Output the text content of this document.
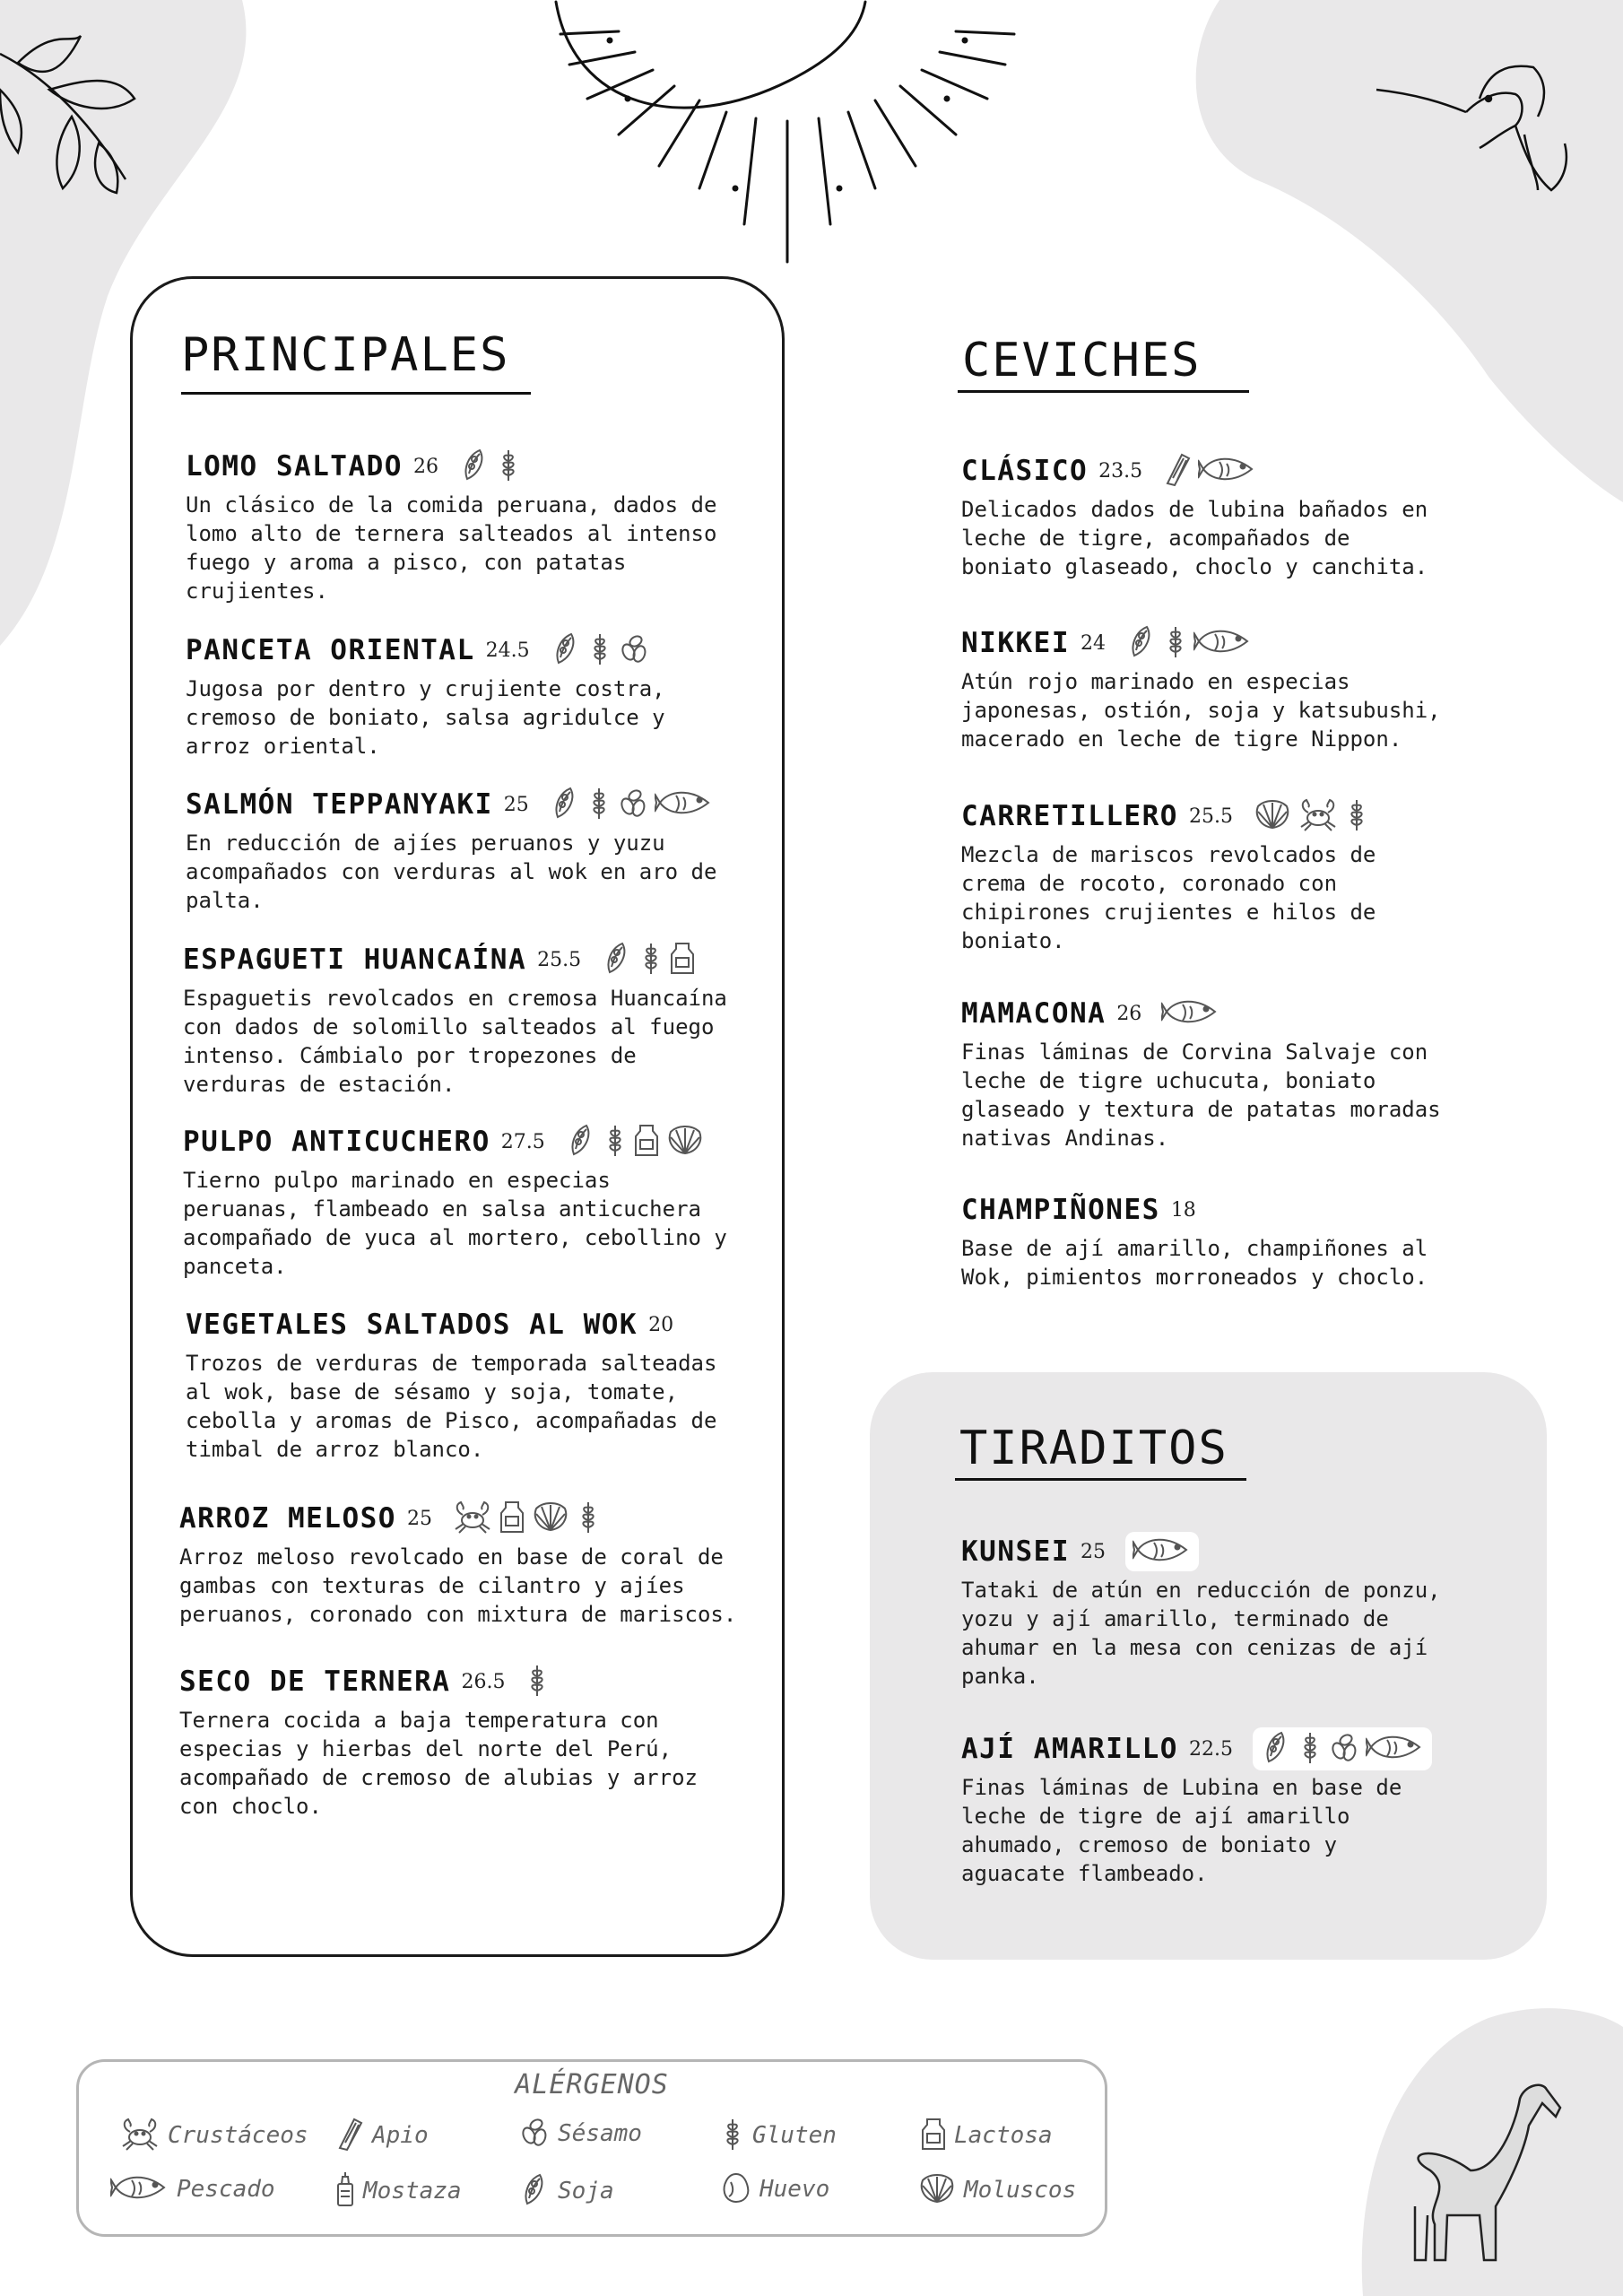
PRINCIPALES
LOMO SALTADO 26
Un clásico de la comida peruana, dados de
lomo alto de ternera salteados al intenso
fuego y aroma a pisco, con patatas
crujientes.
PANCETA ORIENTAL 24.5
Jugosa por dentro y crujiente costra,
cremoso de boniato, salsa agridulce y
arroz oriental.
SALMÓN TEPPANYAKI 25
En reducción de ajíes peruanos y yuzu
acompañados con verduras al wok en aro de
palta.
ESPAGUETI HUANCAÍNA 25.5
Espaguetis revolcados en cremosa Huancaína
con dados de solomillo salteados al fuego
intenso. Cámbialo por tropezones de
verduras de estación.
PULPO ANTICUCHERO 27.5
Tierno pulpo marinado en especias
peruanas, flambeado en salsa anticuchera
acompañado de yuca al mortero, cebollino y
panceta.
VEGETALES SALTADOS AL WOK 20
Trozos de verduras de temporada salteadas
al wok, base de sésamo y soja, tomate,
cebolla y aromas de Pisco, acompañadas de
timbal de arroz blanco.
ARROZ MELOSO 25
Arroz meloso revolcado en base de coral de
gambas con texturas de cilantro y ajíes
peruanos, coronado con mixtura de mariscos.
SECO DE TERNERA 26.5
Ternera cocida a baja temperatura con
especias y hierbas del norte del Perú,
acompañado de cremoso de alubias y arroz
con choclo.
CEVICHES
CLÁSICO 23.5
Delicados dados de lubina bañados en
leche de tigre, acompañados de
boniato glaseado, choclo y canchita.
NIKKEI 24
Atún rojo marinado en especias
japonesas, ostión, soja y katsubushi,
macerado en leche de tigre Nippon.
CARRETILLERO 25.5
Mezcla de mariscos revolcados de
crema de rocoto, coronado con
chipirones crujientes e hilos de
boniato.
MAMACONA 26
Finas láminas de Corvina Salvaje con
leche de tigre uchucuta, boniato
glaseado y textura de patatas moradas
nativas Andinas.
CHAMPIÑONES 18
Base de ají amarillo, champiñones al
Wok, pimientos morroneados y choclo.
TIRADITOS
KUNSEI 25
Tataki de atún en reducción de ponzu,
yozu y ají amarillo, terminado de
ahumar en la mesa con cenizas de ají
panka.
AJÍ AMARILLO 22.5
Finas láminas de Lubina en base de
leche de tigre de ají amarillo
ahumado, cremoso de boniato y
aguacate flambeado.
ALÉRGENOS
Crustáceos	Apio	Sésamo	Gluten	Lactosa
Pescado	Mostaza	Soja	Huevo	Moluscos
